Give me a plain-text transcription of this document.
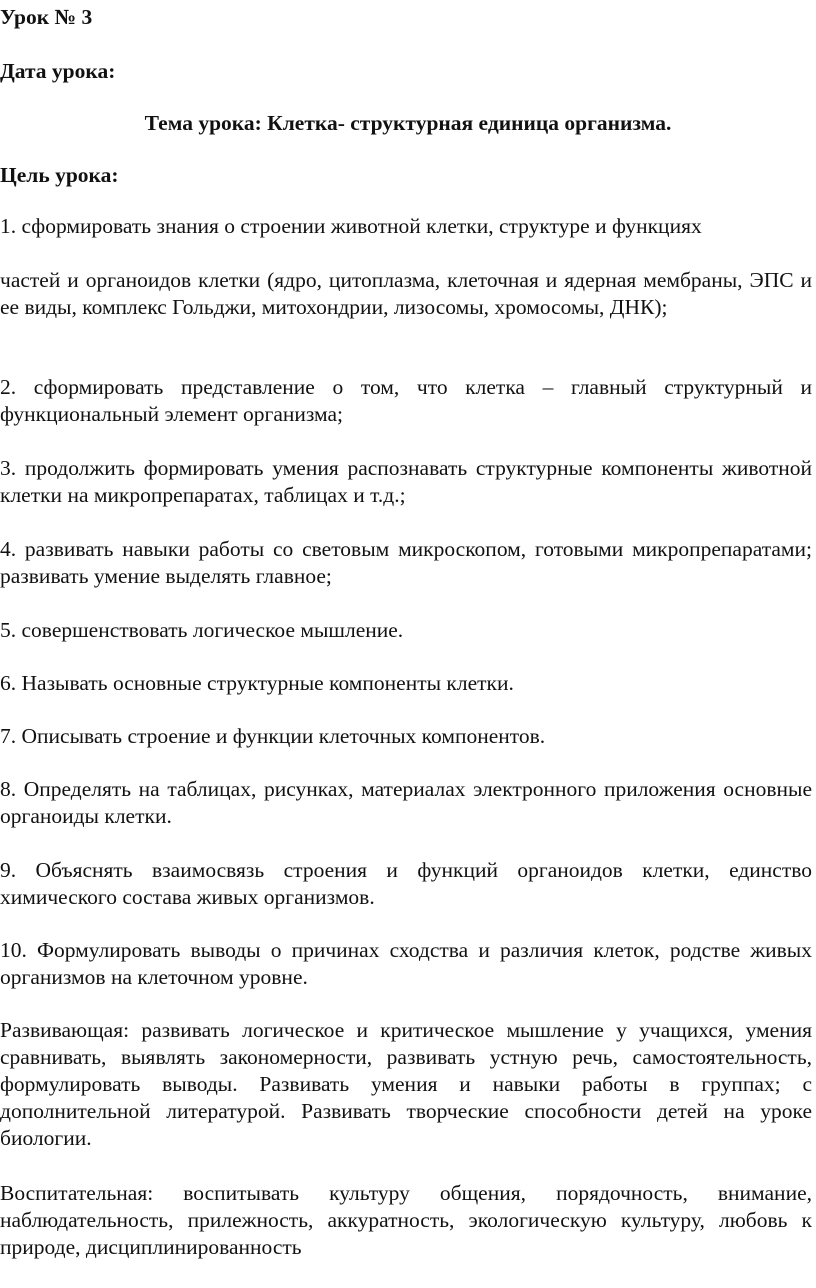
Урок № 3

Дата урока:

Тема урока: Клетка- структурная единица организма.

Цель урока:

1. сформировать знания о строении животной клетки, структуре и функциях

частей и органоидов клетки (ядро, цитоплазма, клеточная и ядерная мембраны, ЭПС и ее виды, комплекс Гольджи, митохондрии, лизосомы, хромосомы, ДНК);

2. сформировать представление о том, что клетка – главный структурный и функциональный элемент организма;

3. продолжить формировать умения распознавать структурные компоненты животной клетки на микропрепаратах, таблицах и т.д.;

4. развивать навыки работы со световым микроскопом, готовыми микропрепаратами; развивать умение выделять главное;

5. совершенствовать логическое мышление.

6. Называть основные структурные компоненты клетки.

7. Описывать строение и функции клеточных компонентов.

8. Определять на таблицах, рисунках, материалах электронного приложения основные органоиды клетки.

9. Объяснять взаимосвязь строения и функций органоидов клетки, единство химического состава живых организмов.

10. Формулировать выводы о причинах сходства и различия клеток, родстве живых организмов на клеточном уровне.

Развивающая: развивать логическое и критическое мышление у учащихся, умения сравнивать, выявлять закономерности, развивать устную речь, самостоятельность, формулировать выводы. Развивать умения и навыки работы в группах; с дополнительной литературой. Развивать творческие способности детей на уроке биологии.

Воспитательная: воспитывать культуру общения, порядочность, внимание, наблюдательность, прилежность, аккуратность, экологическую культуру, любовь к природе, дисциплинированность
